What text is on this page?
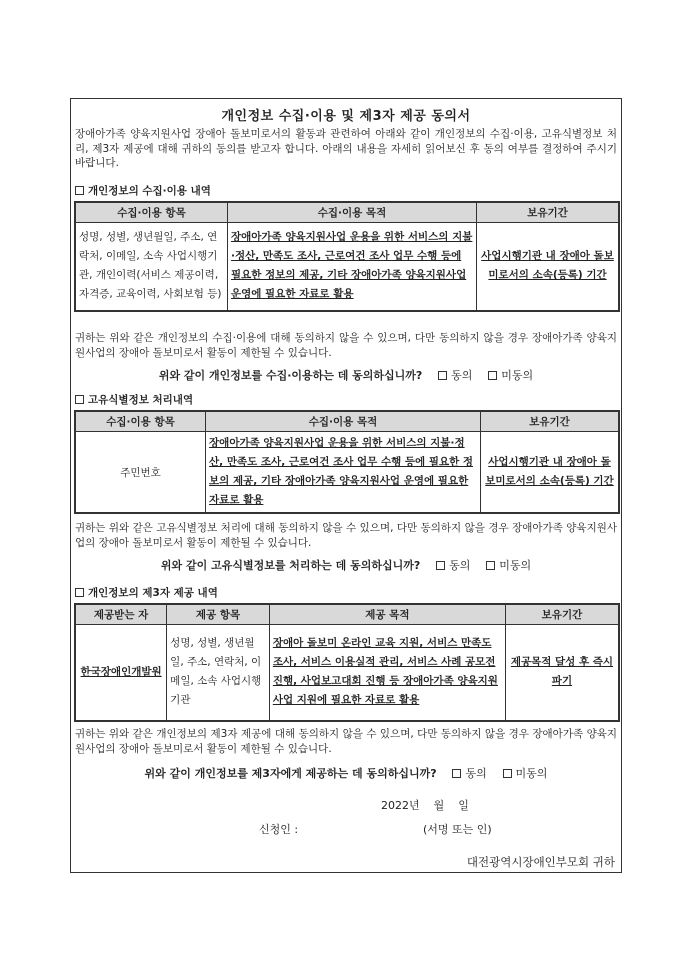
개인정보 수집·이용 및 제3자 제공 동의서
장애아가족 양육지원사업 장애아 돌보미로서의 활동과 관련하여 아래와 같이 개인정보의 수집·이용, 고유식별정보 처리, 제3자 제공에 대해 귀하의 동의를 받고자 합니다. 아래의 내용을 자세히 읽어보신 후 동의 여부를 결정하여 주시기 바랍니다.
개인정보의 수집·이용 내역
수집·이용 항목	수집·이용 목적	보유기간
성명, 성별, 생년월일, 주소, 연락처, 이메일, 소속 사업시행기관, 개인이력(서비스 제공이력, 자격증, 교육이력, 사회보험 등)	장애아가족 양육지원사업 운용을 위한 서비스의 지불·정산, 만족도 조사, 근로여건 조사 업무 수행 등에 필요한 정보의 제공, 기타 장애아가족 양육지원사업 운영에 필요한 자료로 활용	사업시행기관 내 장애아 돌보미로서의 소속(등록) 기간
귀하는 위와 같은 개인정보의 수집·이용에 대해 동의하지 않을 수 있으며, 다만 동의하지 않을 경우 장애아가족 양육지원사업의 장애아 돌보미로서 활동이 제한될 수 있습니다.
위와 같이 개인정보를 수집·이용하는 데 동의하십니까?	동의	미동의
고유식별정보 처리내역
수집·이용 항목	수집·이용 목적	보유기간
주민번호	장애아가족 양육지원사업 운용을 위한 서비스의 지불·정산, 만족도 조사, 근로여건 조사 업무 수행 등에 필요한 정보의 제공, 기타 장애아가족 양육지원사업 운영에 필요한 자료로 활용	사업시행기관 내 장애아 돌보미로서의 소속(등록) 기간
귀하는 위와 같은 고유식별정보 처리에 대해 동의하지 않을 수 있으며, 다만 동의하지 않을 경우 장애아가족 양육지원사업의 장애아 돌보미로서 활동이 제한될 수 있습니다.
위와 같이 고유식별정보를 처리하는 데 동의하십니까?	동의	미동의
개인정보의 제3자 제공 내역
제공받는 자	제공 항목	제공 목적	보유기간
한국장애인개발원	성명, 성별, 생년월일, 주소, 연락처, 이메일, 소속 사업시행기관	장애아 돌보미 온라인 교육 지원, 서비스 만족도 조사, 서비스 이용실적 관리, 서비스 사례 공모전 진행, 사업보고대회 진행 등 장애아가족 양육지원사업 지원에 필요한 자료로 활용	제공목적 달성 후 즉시 파기
귀하는 위와 같은 개인정보의 제3자 제공에 대해 동의하지 않을 수 있으며, 다만 동의하지 않을 경우 장애아가족 양육지원사업의 장애아 돌보미로서 활동이 제한될 수 있습니다.
위와 같이 개인정보를 제3자에게 제공하는 데 동의하십니까?	동의	미동의
2022년    월    일
신청인 :	(서명 또는 인)
대전광역시장애인부모회 귀하
